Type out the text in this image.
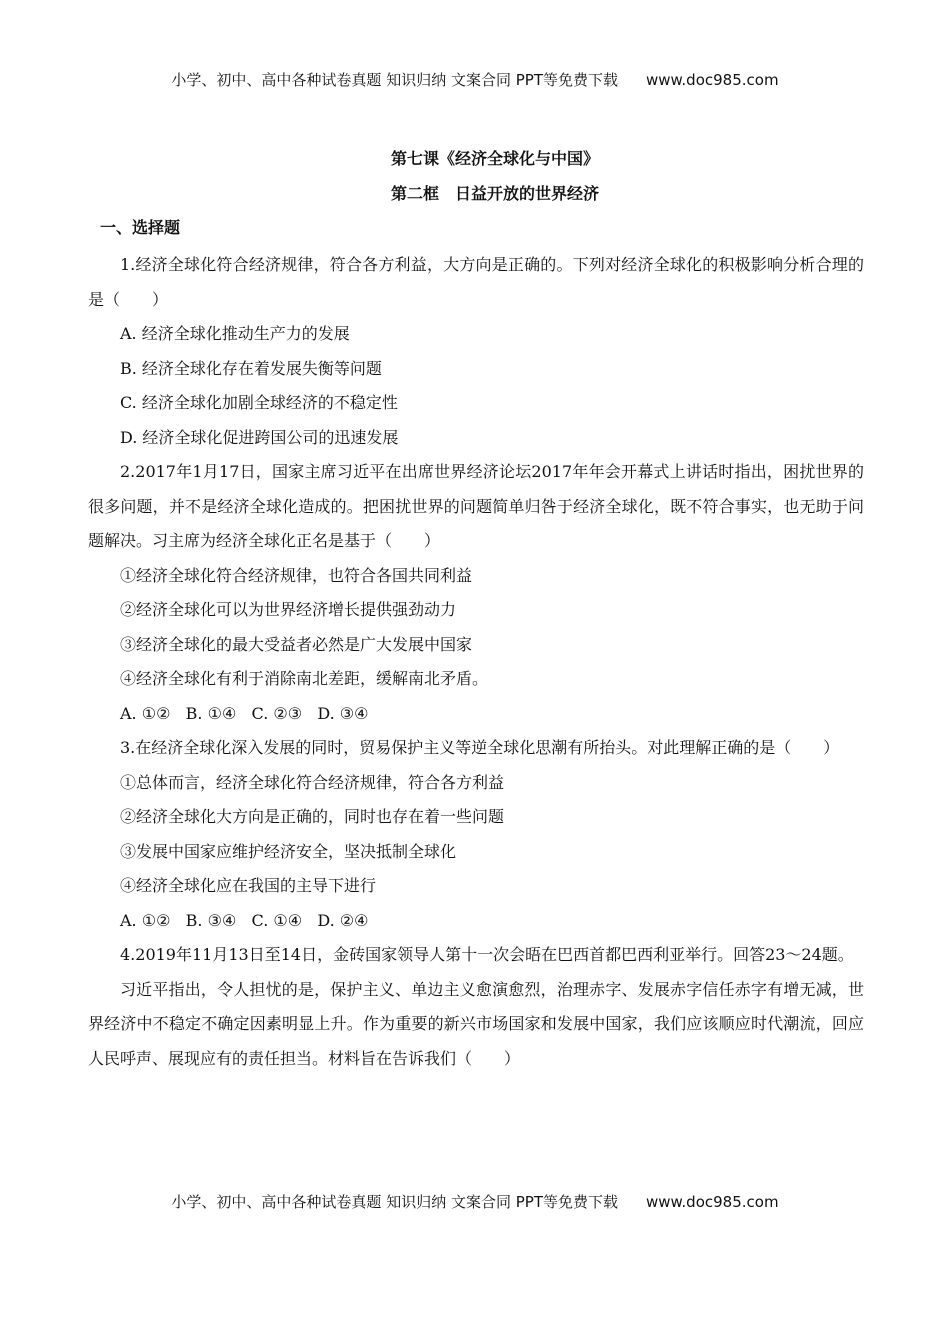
小学、初中、高中各种试卷真题 知识归纳 文案合同 PPT等免费下载 www.doc985.com
第七课《经济全球化与中国》
第二框　日益开放的世界经济
一、选择题

1.经济全球化符合经济规律，符合各方利益，大方向是正确的。下列对经济全球化的积极影响分析合理的是（　　）

A. 经济全球化推动生产力的发展

B. 经济全球化存在着发展失衡等问题

C. 经济全球化加剧全球经济的不稳定性

D. 经济全球化促进跨国公司的迅速发展

2.2017年1月17日，国家主席习近平在出席世界经济论坛2017年年会开幕式上讲话时指出，困扰世界的很多问题，并不是经济全球化造成的。把困扰世界的问题简单归咎于经济全球化，既不符合事实，也无助于问题解决。习主席为经济全球化正名是基于（　　）

①经济全球化符合经济规律，也符合各国共同利益

②经济全球化可以为世界经济增长提供强劲动力

③经济全球化的最大受益者必然是广大发展中国家

④经济全球化有利于消除南北差距，缓解南北矛盾。

A. ①②   B. ①④   C. ②③   D. ③④

3.在经济全球化深入发展的同时，贸易保护主义等逆全球化思潮有所抬头。对此理解正确的是（　　）

①总体而言，经济全球化符合经济规律，符合各方利益

②经济全球化大方向是正确的，同时也存在着一些问题

③发展中国家应维护经济安全，坚决抵制全球化

④经济全球化应在我国的主导下进行

A. ①②   B. ③④   C. ①④   D. ②④

4.2019年11月13日至14日，金砖国家领导人第十一次会晤在巴西首都巴西利亚举行。回答23～24题。

习近平指出，令人担忧的是，保护主义、单边主义愈演愈烈，治理赤字、发展赤字信任赤字有增无减，世界经济中不稳定不确定因素明显上升。作为重要的新兴市场国家和发展中国家，我们应该顺应时代潮流，回应人民呼声、展现应有的责任担当。材料旨在告诉我们（　　）

小学、初中、高中各种试卷真题 知识归纳 文案合同 PPT等免费下载 www.doc985.com
